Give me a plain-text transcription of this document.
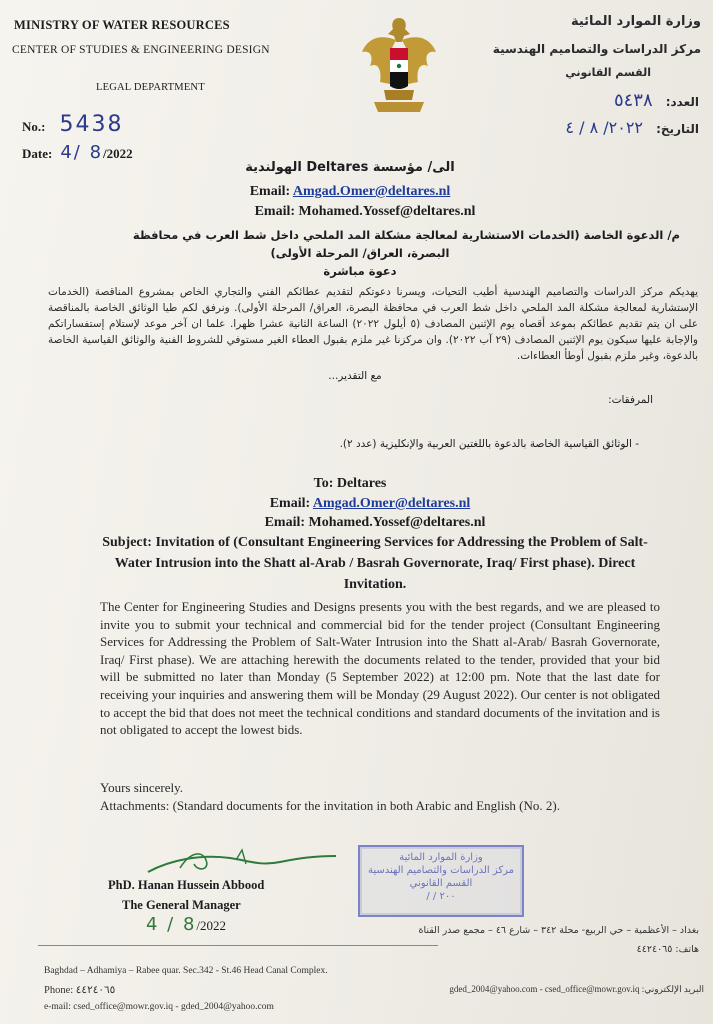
MINISTRY OF WATER RESOURCES
CENTER OF STUDIES & ENGINEERING DESIGN
LEGAL DEPARTMENT
No.: 5438
Date: 4/ 8/2022
وزارة الموارد المائية
مركز الدراسات والتصاميم الهندسية
القسم القانوني
العدد: ٥٤٣٨
التاريخ: ٢٠٢٢/ ٨ / ٤
الى/ مؤسسة Deltares الهولندية
Email: Amgad.Omer@deltares.nl
Email: Mohamed.Yossef@deltares.nl
م/ الدعوة الخاصة (الخدمات الاستشارية لمعالجة مشكلة المد الملحي داخل شط العرب في محافظة
البصرة، العراق/ المرحلة الأولى)
دعوة مباشرة
يهديكم مركز الدراسات والتصاميم الهندسية أطيب التحيات، ويسرنا دعوتكم لتقديم عطائكم الفني والتجاري الخاص بمشروع المناقصة (الخدمات الإستشارية لمعالجة مشكلة المد الملحي داخل شط العرب في محافظة البصرة، العراق/ المرحلة الأولى). ونرفق لكم طيا الوثائق الخاصة بالمناقصة على ان يتم تقديم عطائكم بموعد أقصاه يوم الإثنين المصادف (٥ أيلول ٢٠٢٢) الساعة الثانية عشرا ظهرا. علما ان آخر موعد لإستلام إستفساراتكم والإجابة عليها سيكون يوم الإثنين المصادف (٢٩ آب ٢٠٢٢). وان مركزنا غير ملزم بقبول العطاء الغير مستوفي للشروط الفنية والوثائق القياسية الخاصة بالدعوة، وغير ملزم بقبول أوطأ العطاءات.
مع التقدير...
المرفقات:
- الوثائق القياسية الخاصة بالدعوة باللغتين العربية والإنكليزية (عدد ٢).
To: Deltares
Email: Amgad.Omer@deltares.nl
Email: Mohamed.Yossef@deltares.nl
Subject: Invitation of (Consultant Engineering Services for Addressing the Problem of Salt-Water Intrusion into the Shatt al-Arab / Basrah Governorate, Iraq/ First phase). Direct Invitation.
The Center for Engineering Studies and Designs presents you with the best regards, and we are pleased to invite you to submit your technical and commercial bid for the tender project (Consultant Engineering Services for Addressing the Problem of Salt-Water Intrusion into the Shatt al-Arab/ Basrah Governorate, Iraq/ First phase). We are attaching herewith the documents related to the tender, provided that your bid will be submitted no later than Monday (5 September 2022) at 12:00 pm. Note that the last date for receiving your inquiries and answering them will be Monday (29 August 2022). Our center is not obligated to accept the bid that does not meet the technical conditions and standard documents of the invitation and is not obligated to accept the lowest bids.
Yours sincerely.
Attachments: (Standard documents for the invitation in both Arabic and English (No. 2).
PhD. Hanan Hussein Abbood
The General Manager
4 / 8/2022
وزارة الموارد المائية
مركز الدراسات والتصاميم الهندسية
القسم القانوني
٢٠٠ / /
Baghdad – Adhamiya – Rabee quar. Sec.342 - St.46 Head Canal Complex.
Phone: ٤٤٢٤٠٦٥
e-mail: csed_office@mowr.gov.iq - gded_2004@yahoo.com
بغداد – الأعظمية – حي الربيع- محلة ٣٤٢ – شارع ٤٦ – مجمع صدر القناة
هاتف: ٤٤٢٤٠٦٥
gded_2004@yahoo.com - csed_office@mowr.gov.iq :البريد الإلكتروني
